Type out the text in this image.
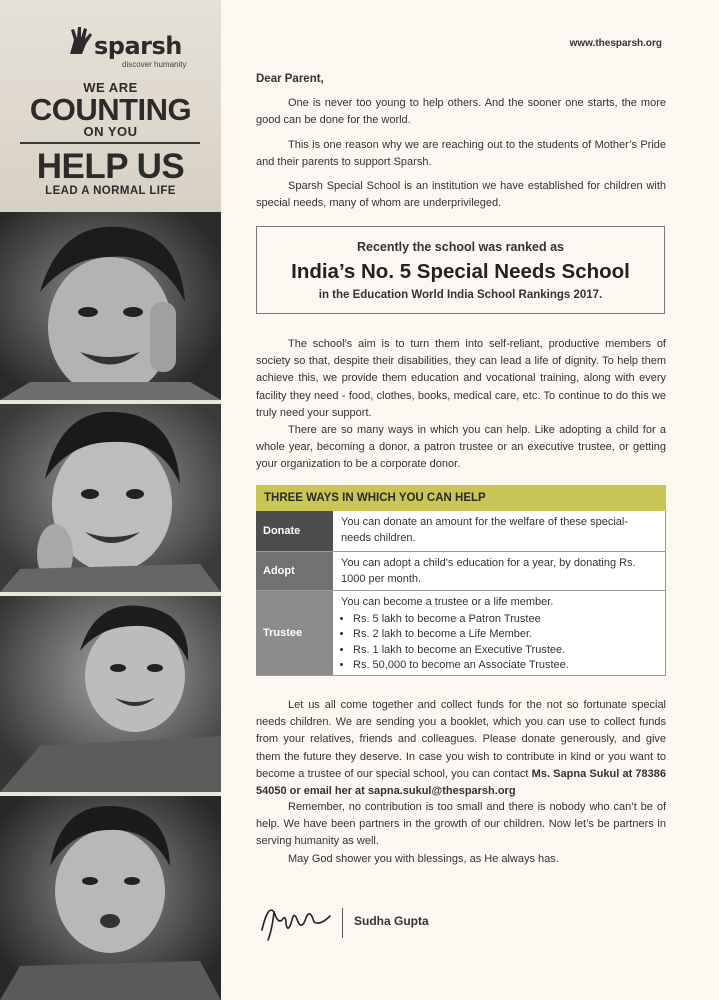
sparsh
discover humanity
WE ARE
COUNTING
ON YOU
HELP US
LEAD A NORMAL LIFE
www.thesparsh.org
Dear Parent,
One is never too young to help others. And the sooner one starts, the more good can be done for the world.
This is one reason why we are reaching out to the students of Mother’s Pride and their parents to support Sparsh.
Sparsh Special School is an institution we have established for children with special needs, many of whom are underprivileged.
Recently the school was ranked as
India’s No. 5 Special Needs School
in the Education World India School Rankings 2017.
The school's aim is to turn them into self-reliant, productive members of society so that, despite their disabilities, they can lead a life of dignity. To help them achieve this, we provide them education and vocational training, along with every facility they need - food, clothes, books, medical care, etc. To continue to do this we truly need your support.
There are so many ways in which you can help. Like adopting a child for a whole year, becoming a donor, a patron trustee or an executive trustee, or getting your organization to be a corporate donor.
THREE WAYS IN WHICH YOU CAN HELP
Donate
You can donate an amount for the welfare of these special-needs children.
Adopt
You can adopt a child's education for a year, by donating Rs. 1000 per month.
Trustee
You can become a trustee or a life member.
• Rs. 5 lakh to become a Patron Trustee
• Rs. 2 lakh to become a Life Member.
• Rs. 1 lakh to become an Executive Trustee.
• Rs. 50,000 to become an Associate Trustee.
Let us all come together and collect funds for the not so fortunate special needs children. We are sending you a booklet, which you can use to collect funds from your relatives, friends and colleagues. Please donate generously, and give them the future they deserve. In case you wish to contribute in kind or you want to become a trustee of our special school, you can contact Ms. Sapna Sukul at 78386 54050 or email her at sapna.sukul@thesparsh.org
Remember, no contribution is too small and there is nobody who can’t be of help. We have been partners in the growth of our children. Now let’s be partners in serving humanity as well.
May God shower you with blessings, as He always has.
Sudha Gupta
